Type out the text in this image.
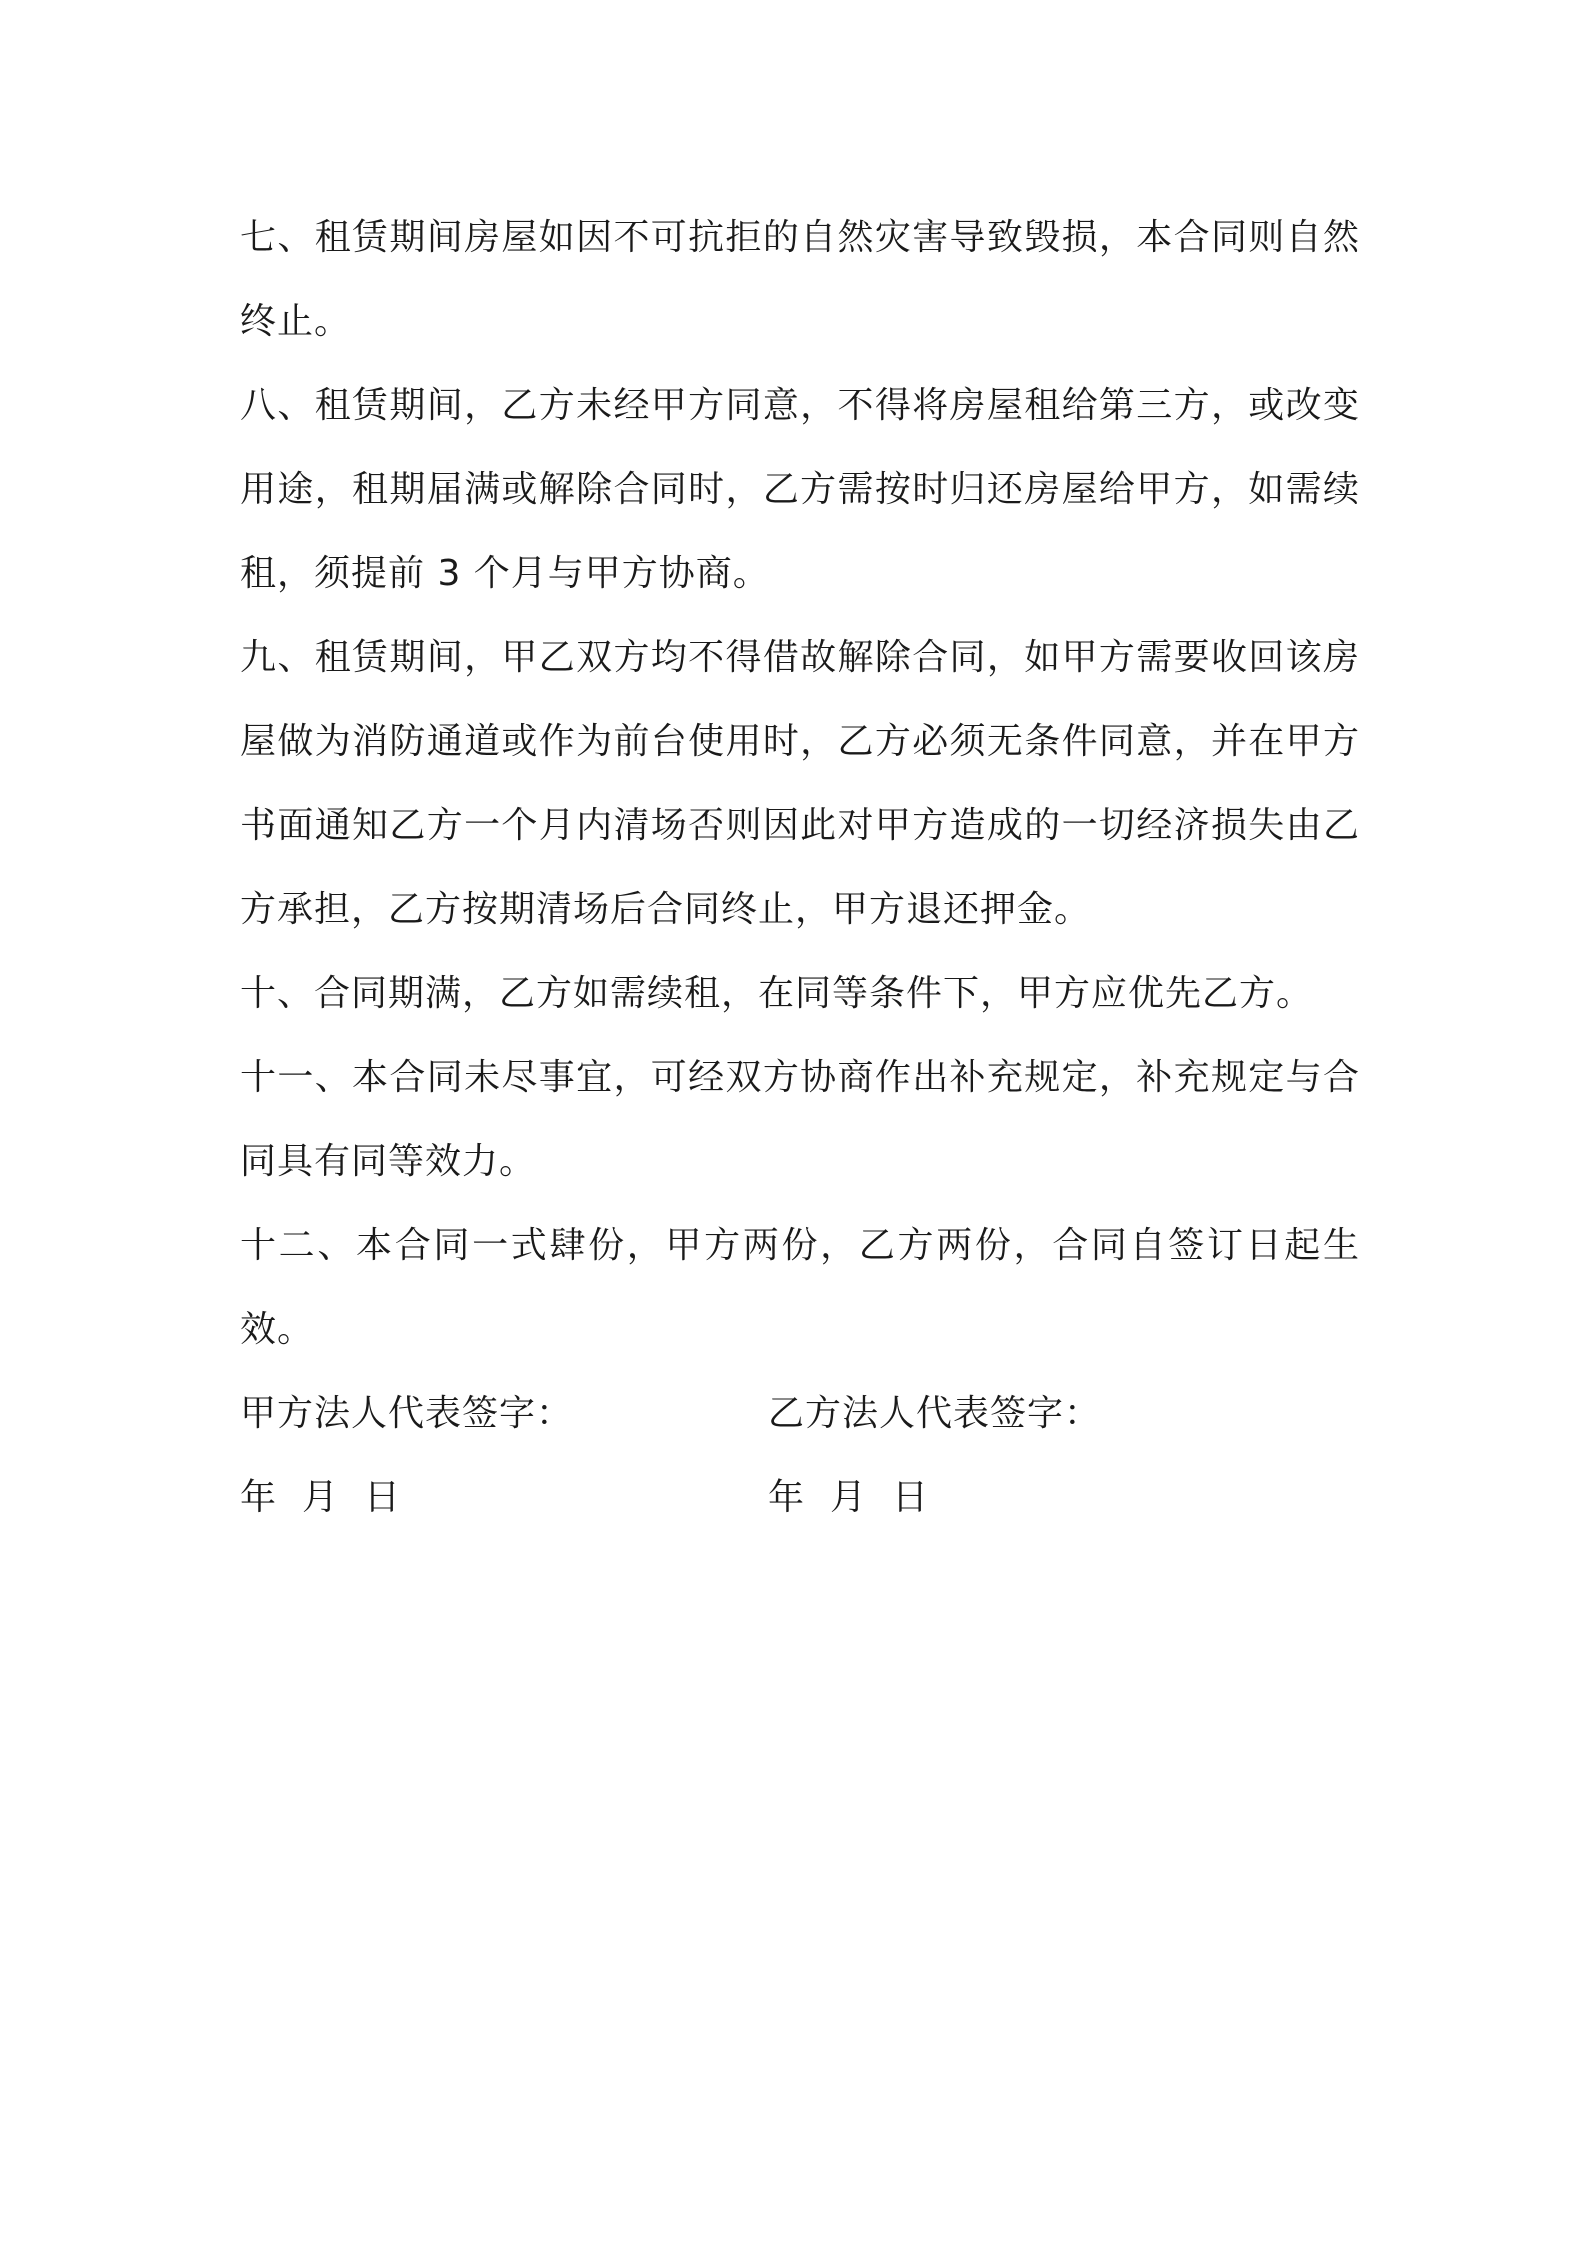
七、租赁期间房屋如因不可抗拒的自然灾害导致毁损，本合同则自然终止。

八、租赁期间，乙方未经甲方同意，不得将房屋租给第三方，或改变用途，租期届满或解除合同时，乙方需按时归还房屋给甲方，如需续租，须提前 3 个月与甲方协商。

九、租赁期间，甲乙双方均不得借故解除合同，如甲方需要收回该房屋做为消防通道或作为前台使用时，乙方必须无条件同意，并在甲方书面通知乙方一个月内清场否则因此对甲方造成的一切经济损失由乙方承担，乙方按期清场后合同终止，甲方退还押金。

十、合同期满，乙方如需续租，在同等条件下，甲方应优先乙方。

十一、本合同未尽事宜，可经双方协商作出补充规定，补充规定与合同具有同等效力。

十二、本合同一式肆份，甲方两份，乙方两份，合同自签订日起生效。

甲方法人代表签字：	乙方法人代表签字：
年 月 日	年 月 日
